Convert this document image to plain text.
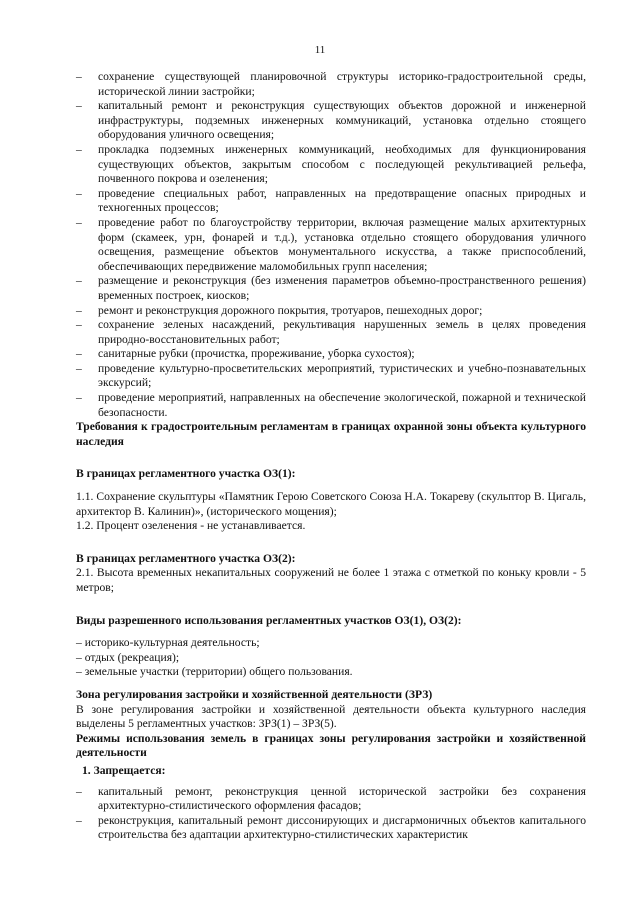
11
– сохранение существующей планировочной структуры историко-градостроительной среды, исторической линии застройки;
– капитальный ремонт и реконструкция существующих объектов дорожной и инженерной инфраструктуры, подземных инженерных коммуникаций, установка отдельно стоящего оборудования уличного освещения;
– прокладка подземных инженерных коммуникаций, необходимых для функционирования существующих объектов, закрытым способом с последующей рекультивацией рельефа, почвенного покрова и озеленения;
– проведение специальных работ, направленных на предотвращение опасных природных и техногенных процессов;
– проведение работ по благоустройству территории, включая размещение малых архитектурных форм (скамеек, урн, фонарей и т.д.), установка отдельно стоящего оборудования уличного освещения, размещение объектов монументального искусства, а также приспособлений, обеспечивающих передвижение маломобильных групп населения;
– размещение и реконструкция (без изменения параметров объемно-пространственного решения) временных построек, киосков;
– ремонт и реконструкция дорожного покрытия, тротуаров, пешеходных дорог;
– сохранение зеленых насаждений, рекультивация нарушенных земель в целях проведения природно-восстановительных работ;
– санитарные рубки (прочистка, прореживание, уборка сухостоя);
– проведение культурно-просветительских мероприятий, туристических и учебно-познавательных экскурсий;
– проведение мероприятий, направленных на обеспечение экологической, пожарной и технической безопасности.
Требования к градостроительным регламентам в границах охранной зоны объекта культурного наследия
В границах регламентного участка ОЗ(1):
1.1. Сохранение скульптуры «Памятник Герою Советского Союза Н.А. Токареву (скульптор В. Цигаль, архитектор В. Калинин)», (исторического мощения);
1.2. Процент озеленения - не устанавливается.
В границах регламентного участка ОЗ(2):
2.1. Высота временных некапитальных сооружений не более 1 этажа с отметкой по коньку кровли - 5 метров;
Виды разрешенного использования регламентных участков ОЗ(1), ОЗ(2):
– историко-культурная деятельность;
– отдых (рекреация);
– земельные участки (территории) общего пользования.
Зона регулирования застройки и хозяйственной деятельности (ЗРЗ)
В зоне регулирования застройки и хозяйственной деятельности объекта культурного наследия выделены 5 регламентных участков: ЗРЗ(1) – ЗРЗ(5).
Режимы использования земель в границах зоны регулирования застройки и хозяйственной деятельности
1. Запрещается:
– капитальный ремонт, реконструкция ценной исторической застройки без сохранения архитектурно-стилистического оформления фасадов;
– реконструкция, капитальный ремонт диссонирующих и дисгармоничных объектов капитального строительства без адаптации архитектурно-стилистических характеристик
